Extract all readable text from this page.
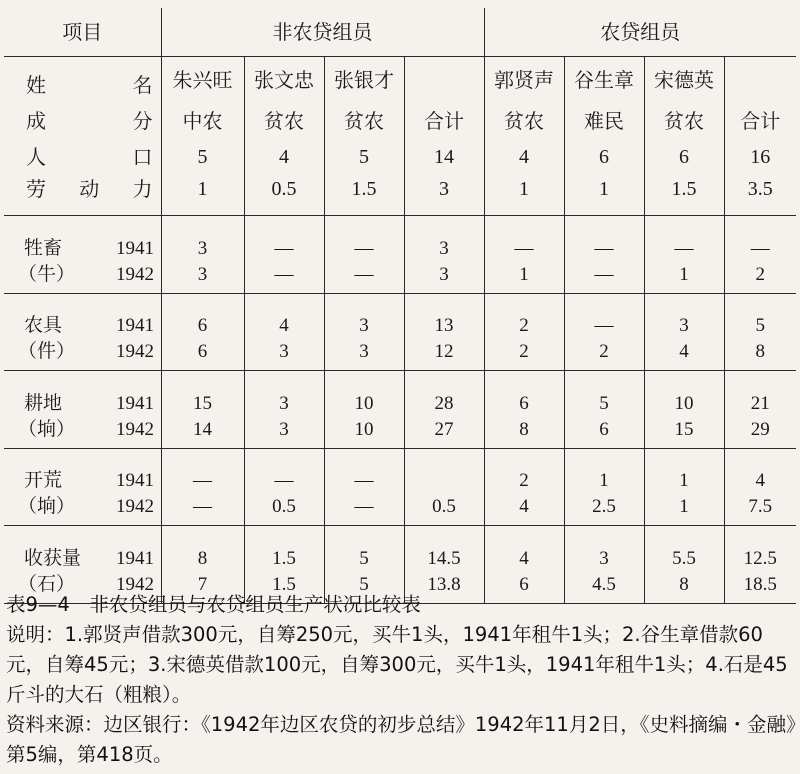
项目	非农贷组员				农贷组员			
姓名	朱兴旺	张文忠	张银才		郭贤声	谷生章	宋德英	
成分	中农	贫农	贫农	合计	贫农	难民	贫农	合计
人口	5	4	5	14	4	6	6	16
劳动力	1	0.5	1.5	3	1	1	1.5	3.5
牲畜 1941	3	—	—	3	—	—	—	—
（牛） 1942	3	—	—	3	1	—	1	2
农具 1941	6	4	3	13	2	—	3	5
（件） 1942	6	3	3	12	2	2	4	8
耕地 1941	15	3	10	28	6	5	10	21
（垧） 1942	14	3	10	27	8	6	15	29
开荒 1941	—	—	—		2	1	1	4
（垧） 1942	—	0.5	—	0.5	4	2.5	1	7.5
收获量 1941	8	1.5	5	14.5	4	3	5.5	12.5
（石） 1942	7	1.5	5	13.8	6	4.5	8	18.5

表9—4　非农贷组员与农贷组员生产状况比较表

说明：1.郭贤声借款300元，自筹250元，买牛1头，1941年租牛1头；2.谷生章借款60元，自筹45元；3.宋德英借款100元，自筹300元，买牛1头，1941年租牛1头；4.石是45斤斗的大石（粗粮）。

资料来源：边区银行：《1942年边区农贷的初步总结》1942年11月2日，《史料摘编・金融》第5编，第418页。
